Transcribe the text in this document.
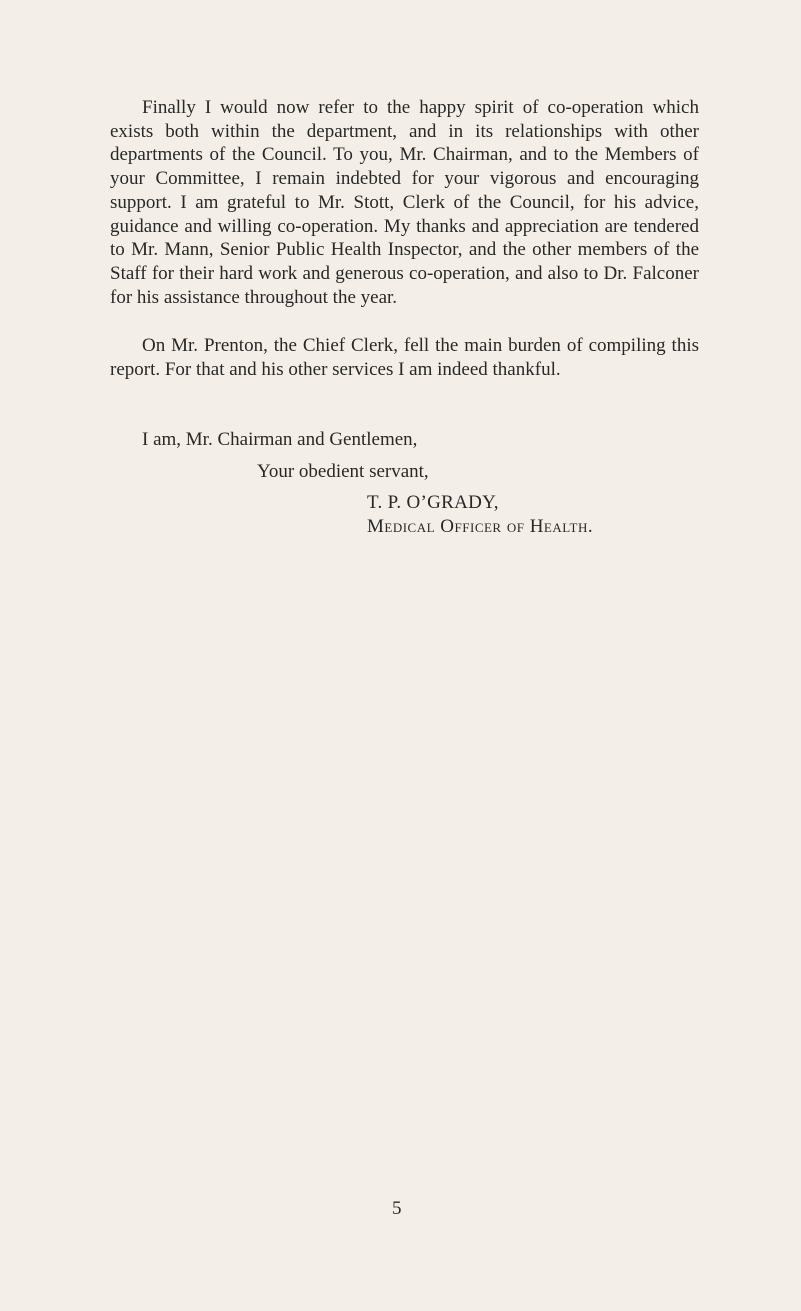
Finally I would now refer to the happy spirit of co-operation which exists both within the department, and in its relationships with other departments of the Council. To you, Mr. Chairman, and to the Members of your Committee, I remain indebted for your vigorous and encouraging support. I am grateful to Mr. Stott, Clerk of the Council, for his advice, guidance and willing co-operation. My thanks and appreciation are tendered to Mr. Mann, Senior Public Health Inspector, and the other members of the Staff for their hard work and generous co-operation, and also to Dr. Falconer for his assistance throughout the year.

On Mr. Prenton, the Chief Clerk, fell the main burden of compiling this report. For that and his other services I am indeed thankful.

I am, Mr. Chairman and Gentlemen,

Your obedient servant,

T. P. O’GRADY,

Medical Officer of Health.

5
